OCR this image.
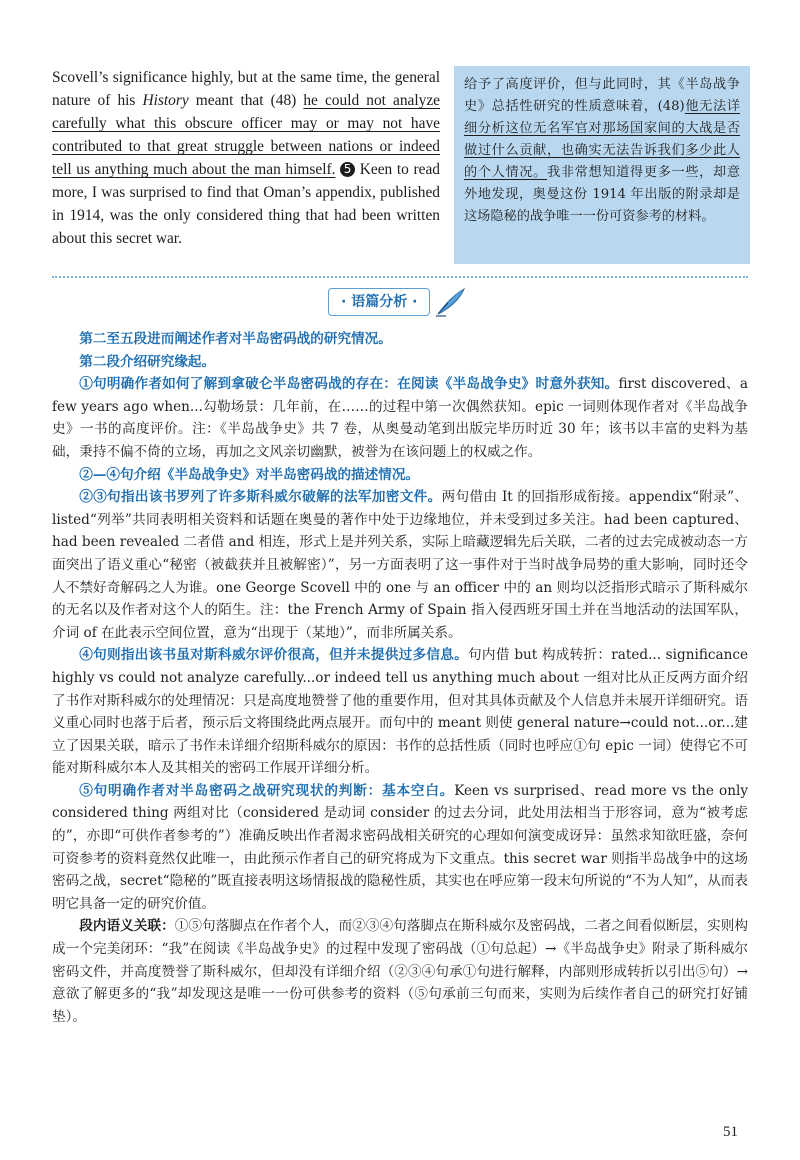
Scovell’s significance highly, but at the same time, the general nature of his History meant that (48) he could not analyze carefully what this obscure officer may or may not have contributed to that great struggle between nations or indeed tell us anything much about the man himself. 5 Keen to read more, I was surprised to find that Oman’s appendix, published in 1914, was the only considered thing that had been written about this secret war.
给予了高度评价，但与此同时，其《半岛战争史》总括性研究的性质意味着，(48)他无法详细分析这位无名军官对那场国家间的大战是否做过什么贡献，也确实无法告诉我们多少此人的个人情况。我非常想知道得更多一些，却意外地发现，奥曼这份 1914 年出版的附录却是这场隐秘的战争唯一一份可资参考的材料。
· 语篇分析 ·

第二至五段进而阐述作者对半岛密码战的研究情况。

第二段介绍研究缘起。

①句明确作者如何了解到拿破仑半岛密码战的存在：在阅读《半岛战争史》时意外获知。first discovered、a few years ago when...勾勒场景：几年前，在……的过程中第一次偶然获知。epic 一词则体现作者对《半岛战争史》一书的高度评价。注：《半岛战争史》共 7 卷，从奥曼动笔到出版完毕历时近 30 年；该书以丰富的史料为基础，秉持不偏不倚的立场，再加之文风亲切幽默，被誉为在该问题上的权威之作。

②—④句介绍《半岛战争史》对半岛密码战的描述情况。

②③句指出该书罗列了许多斯科威尔破解的法军加密文件。两句借由 It 的回指形成衔接。appendix“附录”、listed“列举”共同表明相关资料和话题在奥曼的著作中处于边缘地位，并未受到过多关注。had been captured、had been revealed 二者借 and 相连，形式上是并列关系，实际上暗藏逻辑先后关联，二者的过去完成被动态一方面突出了语义重心“秘密（被截获并且被解密）”，另一方面表明了这一事件对于当时战争局势的重大影响，同时还令人不禁好奇解码之人为谁。one George Scovell 中的 one 与 an officer 中的 an 则均以泛指形式暗示了斯科威尔的无名以及作者对这个人的陌生。注：the French Army of Spain 指入侵西班牙国土并在当地活动的法国军队，介词 of 在此表示空间位置，意为“出现于（某地）”，而非所属关系。

④句则指出该书虽对斯科威尔评价很高，但并未提供过多信息。句内借 but 构成转折：rated... significance highly vs could not analyze carefully...or indeed tell us anything much about 一组对比从正反两方面介绍了书作对斯科威尔的处理情况：只是高度地赞誉了他的重要作用，但对其具体贡献及个人信息并未展开详细研究。语义重心同时也落于后者，预示后文将围绕此两点展开。而句中的 meant 则使 general nature→could not...or...建立了因果关联，暗示了书作未详细介绍斯科威尔的原因：书作的总括性质（同时也呼应①句 epic 一词）使得它不可能对斯科威尔本人及其相关的密码工作展开详细分析。

⑤句明确作者对半岛密码之战研究现状的判断：基本空白。Keen vs surprised、read more vs the only considered thing 两组对比（considered 是动词 consider 的过去分词，此处用法相当于形容词，意为“被考虑的”，亦即“可供作者参考的”）准确反映出作者渴求密码战相关研究的心理如何演变成讶异：虽然求知欲旺盛，奈何可资参考的资料竟然仅此唯一，由此预示作者自己的研究将成为下文重点。this secret war 则指半岛战争中的这场密码之战，secret“隐秘的”既直接表明这场情报战的隐秘性质，其实也在呼应第一段末句所说的“不为人知”，从而表明它具备一定的研究价值。

段内语义关联：①⑤句落脚点在作者个人，而②③④句落脚点在斯科威尔及密码战，二者之间看似断层，实则构成一个完美闭环：“我”在阅读《半岛战争史》的过程中发现了密码战（①句总起）→《半岛战争史》附录了斯科威尔密码文件，并高度赞誉了斯科威尔，但却没有详细介绍（②③④句承①句进行解释，内部则形成转折以引出⑤句）→意欲了解更多的“我”却发现这是唯一一份可供参考的资料（⑤句承前三句而来，实则为后续作者自己的研究打好铺垫）。

51
